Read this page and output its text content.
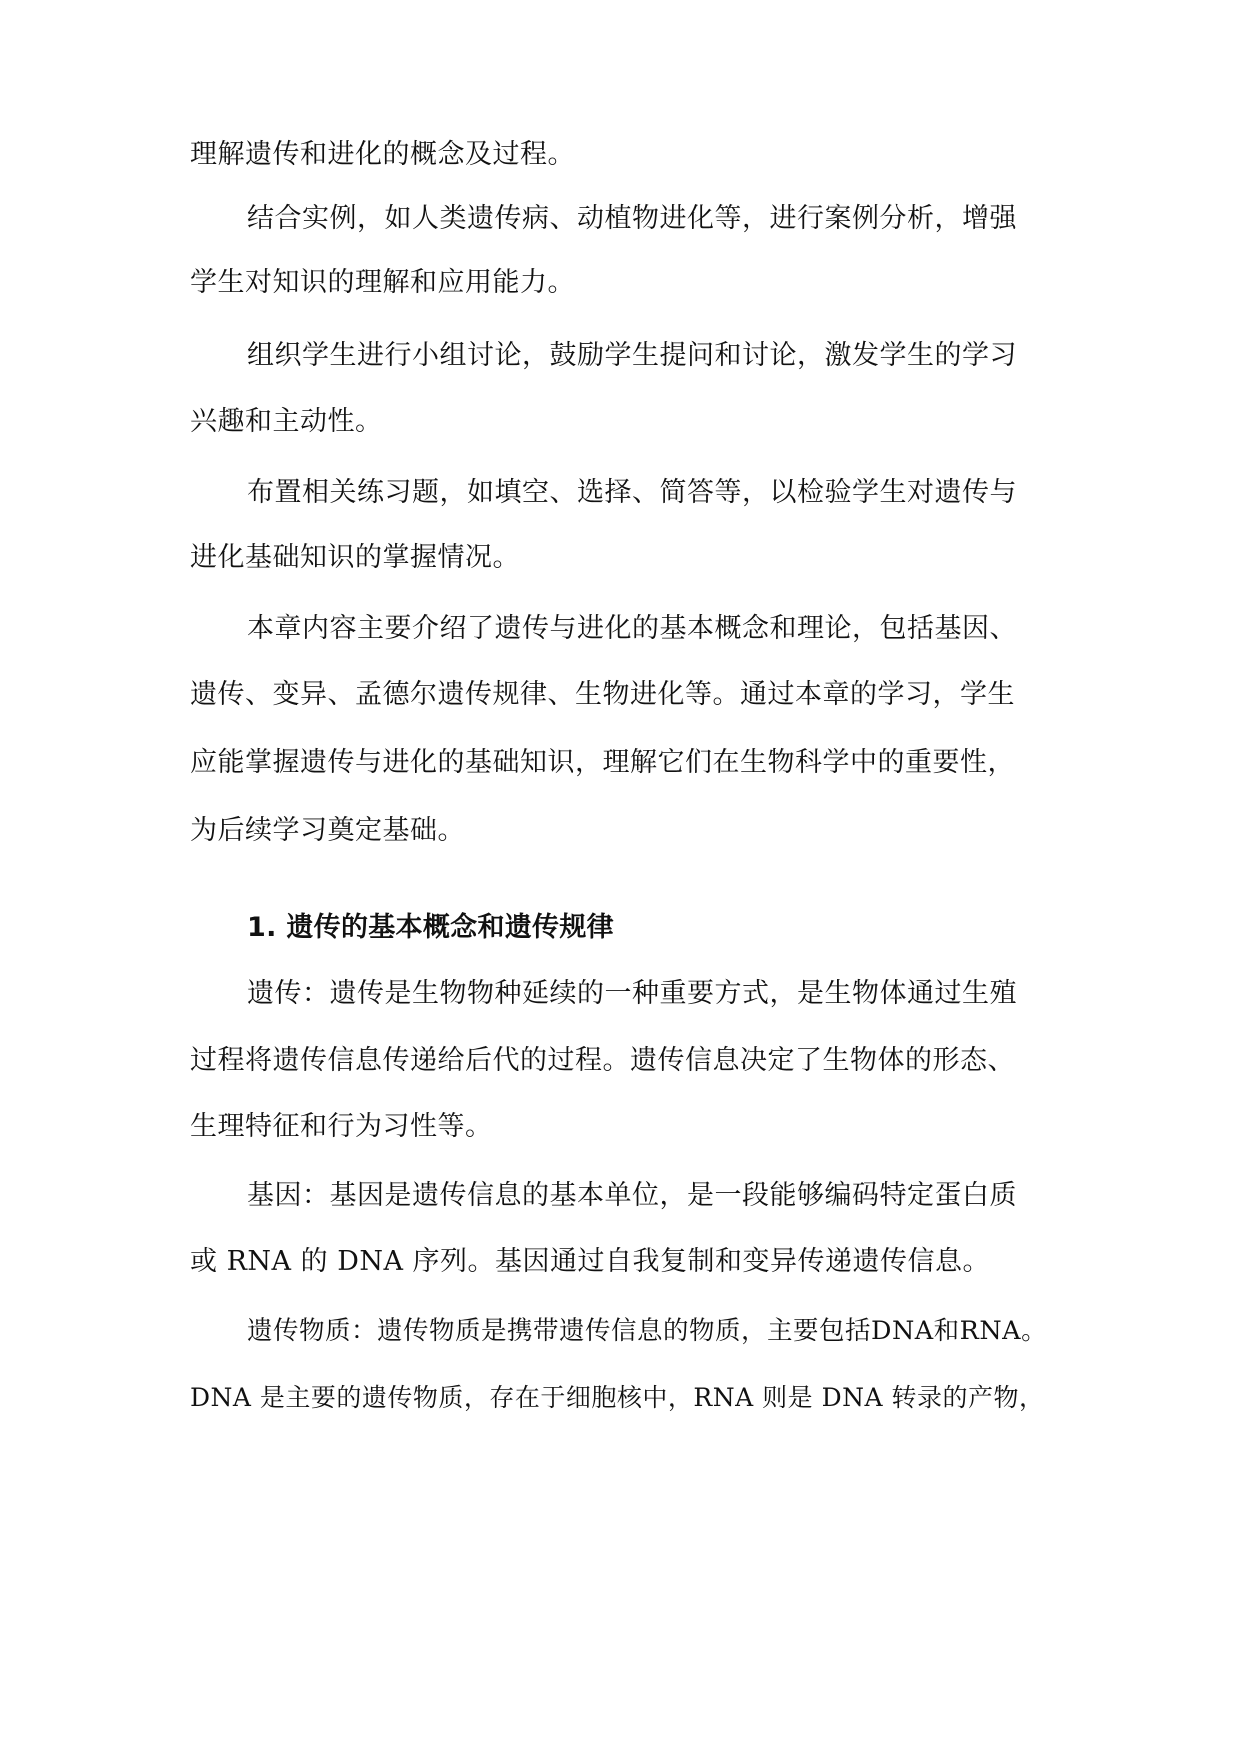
理解遗传和进化的概念及过程。
结合实例，如人类遗传病、动植物进化等，进行案例分析，增强
学生对知识的理解和应用能力。
组织学生进行小组讨论，鼓励学生提问和讨论，激发学生的学习
兴趣和主动性。
布置相关练习题，如填空、选择、简答等，以检验学生对遗传与
进化基础知识的掌握情况。
本章内容主要介绍了遗传与进化的基本概念和理论，包括基因、
遗传、变异、孟德尔遗传规律、生物进化等。通过本章的学习，学生
应能掌握遗传与进化的基础知识，理解它们在生物科学中的重要性，
为后续学习奠定基础。
1. 遗传的基本概念和遗传规律
遗传：遗传是生物物种延续的一种重要方式，是生物体通过生殖
过程将遗传信息传递给后代的过程。遗传信息决定了生物体的形态、
生理特征和行为习性等。
基因：基因是遗传信息的基本单位，是一段能够编码特定蛋白质
或 RNA 的 DNA 序列。基因通过自我复制和变异传递遗传信息。
遗传物质：遗传物质是携带遗传信息的物质，主要包括DNA和RNA。
DNA 是主要的遗传物质，存在于细胞核中，RNA 则是 DNA 转录的产物，
